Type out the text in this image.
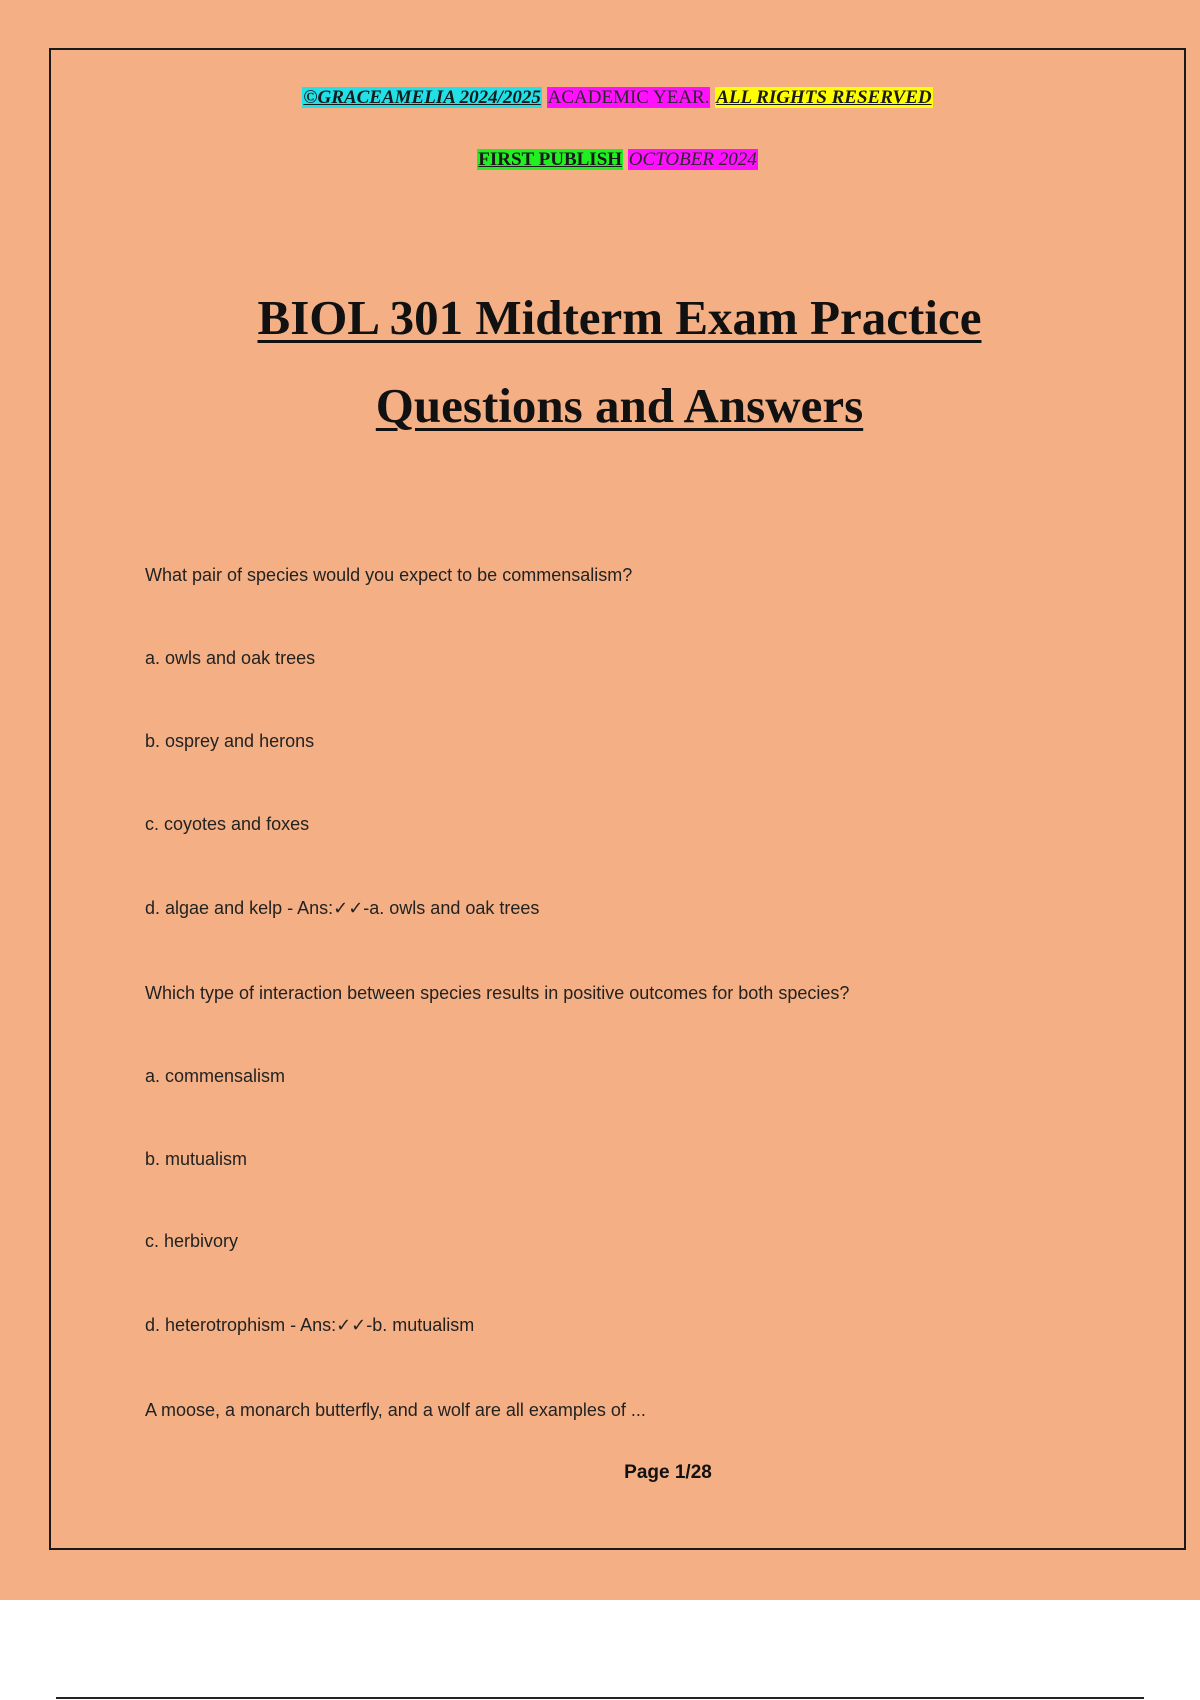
©GRACEAMELIA 2024/2025 ACADEMIC YEAR. ALL RIGHTS RESERVED
FIRST PUBLISH OCTOBER 2024
BIOL 301 Midterm Exam Practice
Questions and Answers
Page 1/28
What pair of species would you expect to be commensalism?
a. owls and oak trees
b. osprey and herons
c. coyotes and foxes
d. algae and kelp - Ans:✓✓-a. owls and oak trees
Which type of interaction between species results in positive outcomes for both species?
a. commensalism
b. mutualism
c. herbivory
d. heterotrophism - Ans:✓✓-b. mutualism
A moose, a monarch butterfly, and a wolf are all examples of ...
